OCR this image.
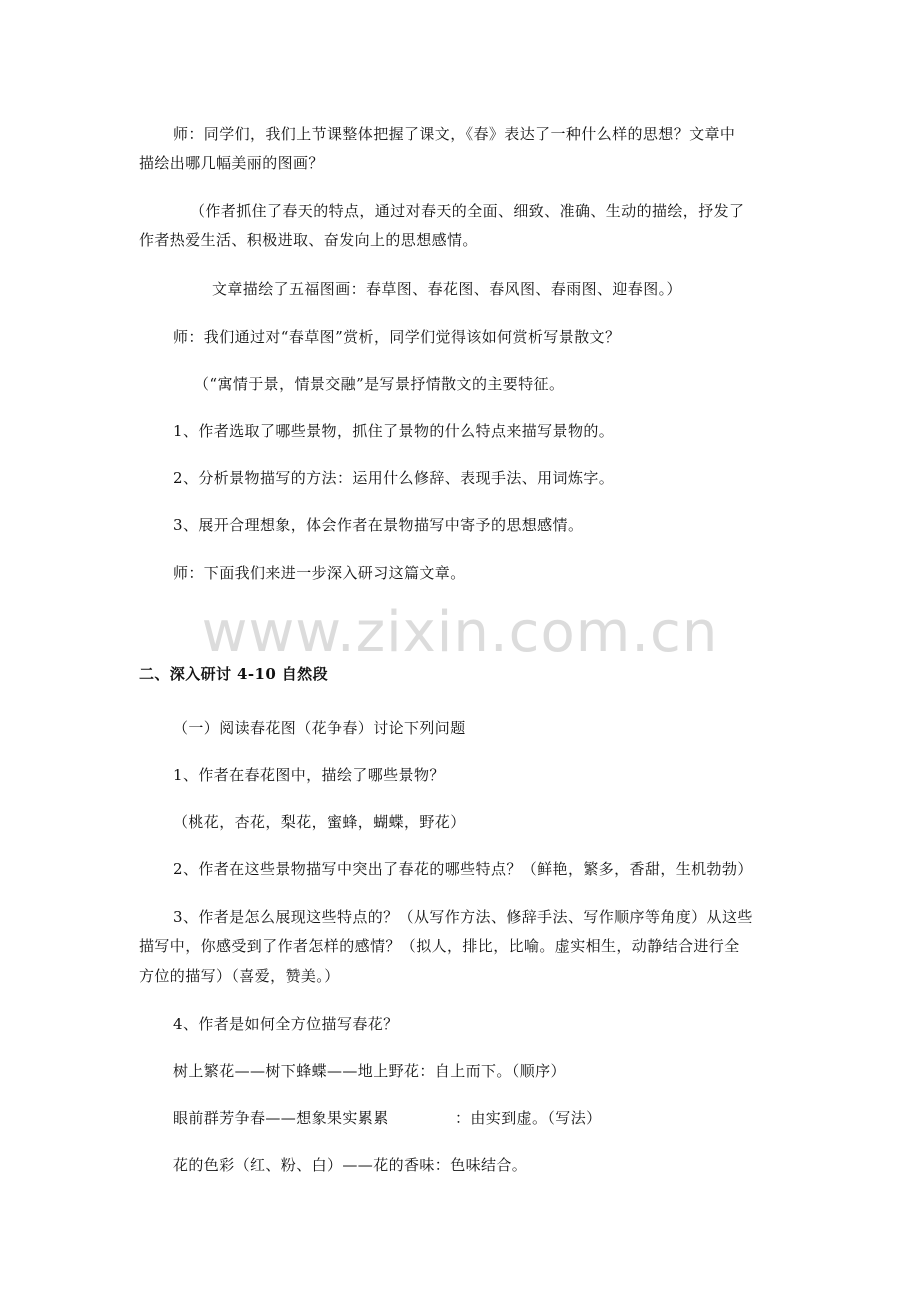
www.zixin.com.cn
师：同学们，我们上节课整体把握了课文，《春》表达了一种什么样的思想？文章中
描绘出哪几幅美丽的图画？
（作者抓住了春天的特点，通过对春天的全面、细致、准确、生动的描绘，抒发了
作者热爱生活、积极进取、奋发向上的思想感情。
文章描绘了五福图画：春草图、春花图、春风图、春雨图、迎春图。）
师：我们通过对“春草图”赏析，同学们觉得该如何赏析写景散文？
（“寓情于景，情景交融”是写景抒情散文的主要特征。
1、作者选取了哪些景物，抓住了景物的什么特点来描写景物的。
2、分析景物描写的方法：运用什么修辞、表现手法、用词炼字。
3、展开合理想象，体会作者在景物描写中寄予的思想感情。
师：下面我们来进一步深入研习这篇文章。
二、深入研讨 4-10 自然段
（一）阅读春花图（花争春）讨论下列问题
1、作者在春花图中，描绘了哪些景物？
（桃花，杏花，梨花，蜜蜂，蝴蝶，野花）
2、作者在这些景物描写中突出了春花的哪些特点？（鲜艳，繁多，香甜，生机勃勃）
3、作者是怎么展现这些特点的？（从写作方法、修辞手法、写作顺序等角度）从这些
描写中，你感受到了作者怎样的感情？（拟人，排比，比喻。虚实相生，动静结合进行全
方位的描写）（喜爱，赞美。）
4、作者是如何全方位描写春花？
树上繁花——树下蜂蝶——地上野花：自上而下。（顺序）
眼前群芳争春——想象果实累累	：由实到虚。（写法）
花的色彩（红、粉、白）——花的香味：色味结合。
